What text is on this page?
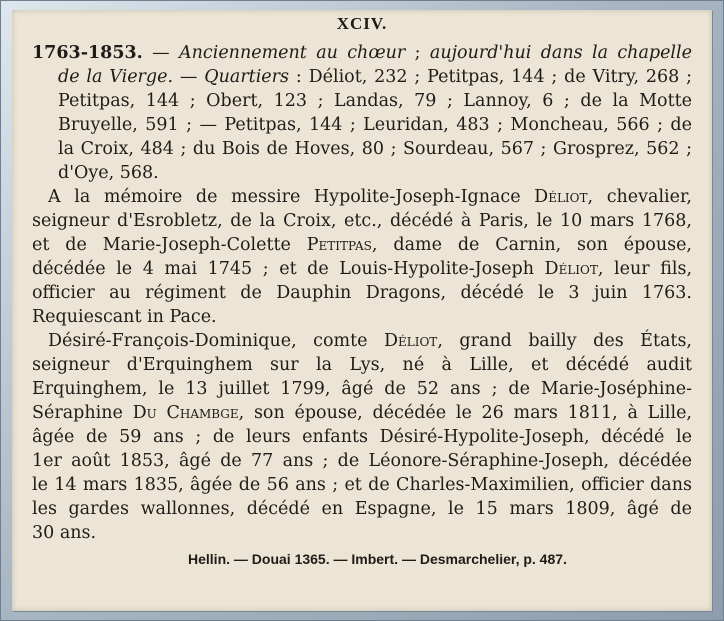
XCIV.
1763-1853. — Anciennement au chœur ; aujourd'hui dans la chapelle
de la Vierge. — Quartiers : Déliot, 232 ; Petitpas, 144 ; de Vitry, 268 ;
Petitpas, 144 ; Obert, 123 ; Landas, 79 ; Lannoy, 6 ; de la Motte
Bruyelle, 591 ; — Petitpas, 144 ; Leuridan, 483 ; Moncheau, 566 ; de
la Croix, 484 ; du Bois de Hoves, 80 ; Sourdeau, 567 ; Grosprez, 562 ;
d'Oye, 568.
A la mémoire de messire Hypolite-Joseph-Ignace Déliot, chevalier,
seigneur d'Esrobletz, de la Croix, etc., décédé à Paris, le 10 mars 1768,
et de Marie-Joseph-Colette Petitpas, dame de Carnin, son épouse,
décédée le 4 mai 1745 ; et de Louis-Hypolite-Joseph Déliot, leur fils,
officier au régiment de Dauphin Dragons, décédé le 3 juin 1763.
Requiescant in Pace.
Désiré-François-Dominique, comte Déliot, grand bailly des États,
seigneur d'Erquinghem sur la Lys, né à Lille, et décédé audit
Erquinghem, le 13 juillet 1799, âgé de 52 ans ; de Marie-Joséphine-
Séraphine Du Chambge, son épouse, décédée le 26 mars 1811, à Lille,
âgée de 59 ans ; de leurs enfants Désiré-Hypolite-Joseph, décédé le
1er août 1853, âgé de 77 ans ; de Léonore-Séraphine-Joseph, décédée
le 14 mars 1835, âgée de 56 ans ; et de Charles-Maximilien, officier dans
les gardes wallonnes, décédé en Espagne, le 15 mars 1809, âgé de
30 ans.
Hellin. — Douai 1365. — Imbert. — Desmarchelier, p. 487.
